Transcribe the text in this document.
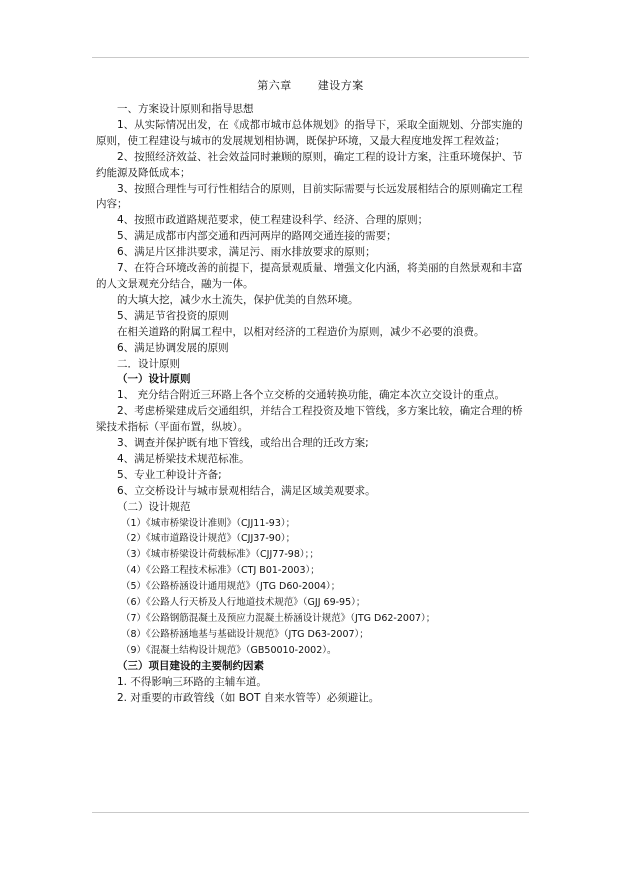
第六章 建设方案

一、方案设计原则和指导思想

1、从实际情况出发，在《成都市城市总体规划》的指导下，采取全面规划、分部实施的原则，使工程建设与城市的发展规划相协调，既保护环境，又最大程度地发挥工程效益；

2、按照经济效益、社会效益同时兼顾的原则，确定工程的设计方案，注重环境保护、节约能源及降低成本；

3、按照合理性与可行性相结合的原则，目前实际需要与长远发展相结合的原则确定工程内容；

4、按照市政道路规范要求，使工程建设科学、经济、合理的原则；

5、满足成都市内部交通和西河两岸的路网交通连接的需要；

6、满足片区排洪要求，满足污、雨水排放要求的原则；

7、在符合环境改善的前提下，提高景观质量、增强文化内涵，将美丽的自然景观和丰富的人文景观充分结合，融为一体。

的大填大挖，减少水土流失，保护优美的自然环境。

5、满足节省投资的原则

在相关道路的附属工程中，以相对经济的工程造价为原则，减少不必要的浪费。

6、满足协调发展的原则

二．设计原则

（一）设计原则

1、 充分结合附近三环路上各个立交桥的交通转换功能，确定本次立交设计的重点。

2、考虑桥梁建成后交通组织，并结合工程投资及地下管线，多方案比较，确定合理的桥梁技术指标（平面布置，纵坡）。

3、调查并保护既有地下管线，或给出合理的迁改方案;

4、满足桥梁技术规范标准。

5、专业工种设计齐备;

6、立交桥设计与城市景观相结合，满足区域美观要求。

（二）设计规范

（1）《城市桥梁设计准则》（CJJ11-93）；

（2）《城市道路设计规范》（CJJ37-90）；

（3）《城市桥梁设计荷载标准》（CJJ77-98）；；

（4）《公路工程技术标准》（CTJ B01-2003）；

（5）《公路桥涵设计通用规范》（JTG D60-2004）；

（6）《公路人行天桥及人行地道技术规范》（GJJ 69-95）；

（7）《公路钢筋混凝土及预应力混凝土桥涵设计规范》（JTG D62-2007）；

（8）《公路桥涵地基与基础设计规范》（JTG D63-2007）；

（9）《混凝土结构设计规范》（GB50010-2002）。

（三）项目建设的主要制约因素

1. 不得影响三环路的主辅车道。

2. 对重要的市政管线（如 BOT 自来水管等）必须避让。
